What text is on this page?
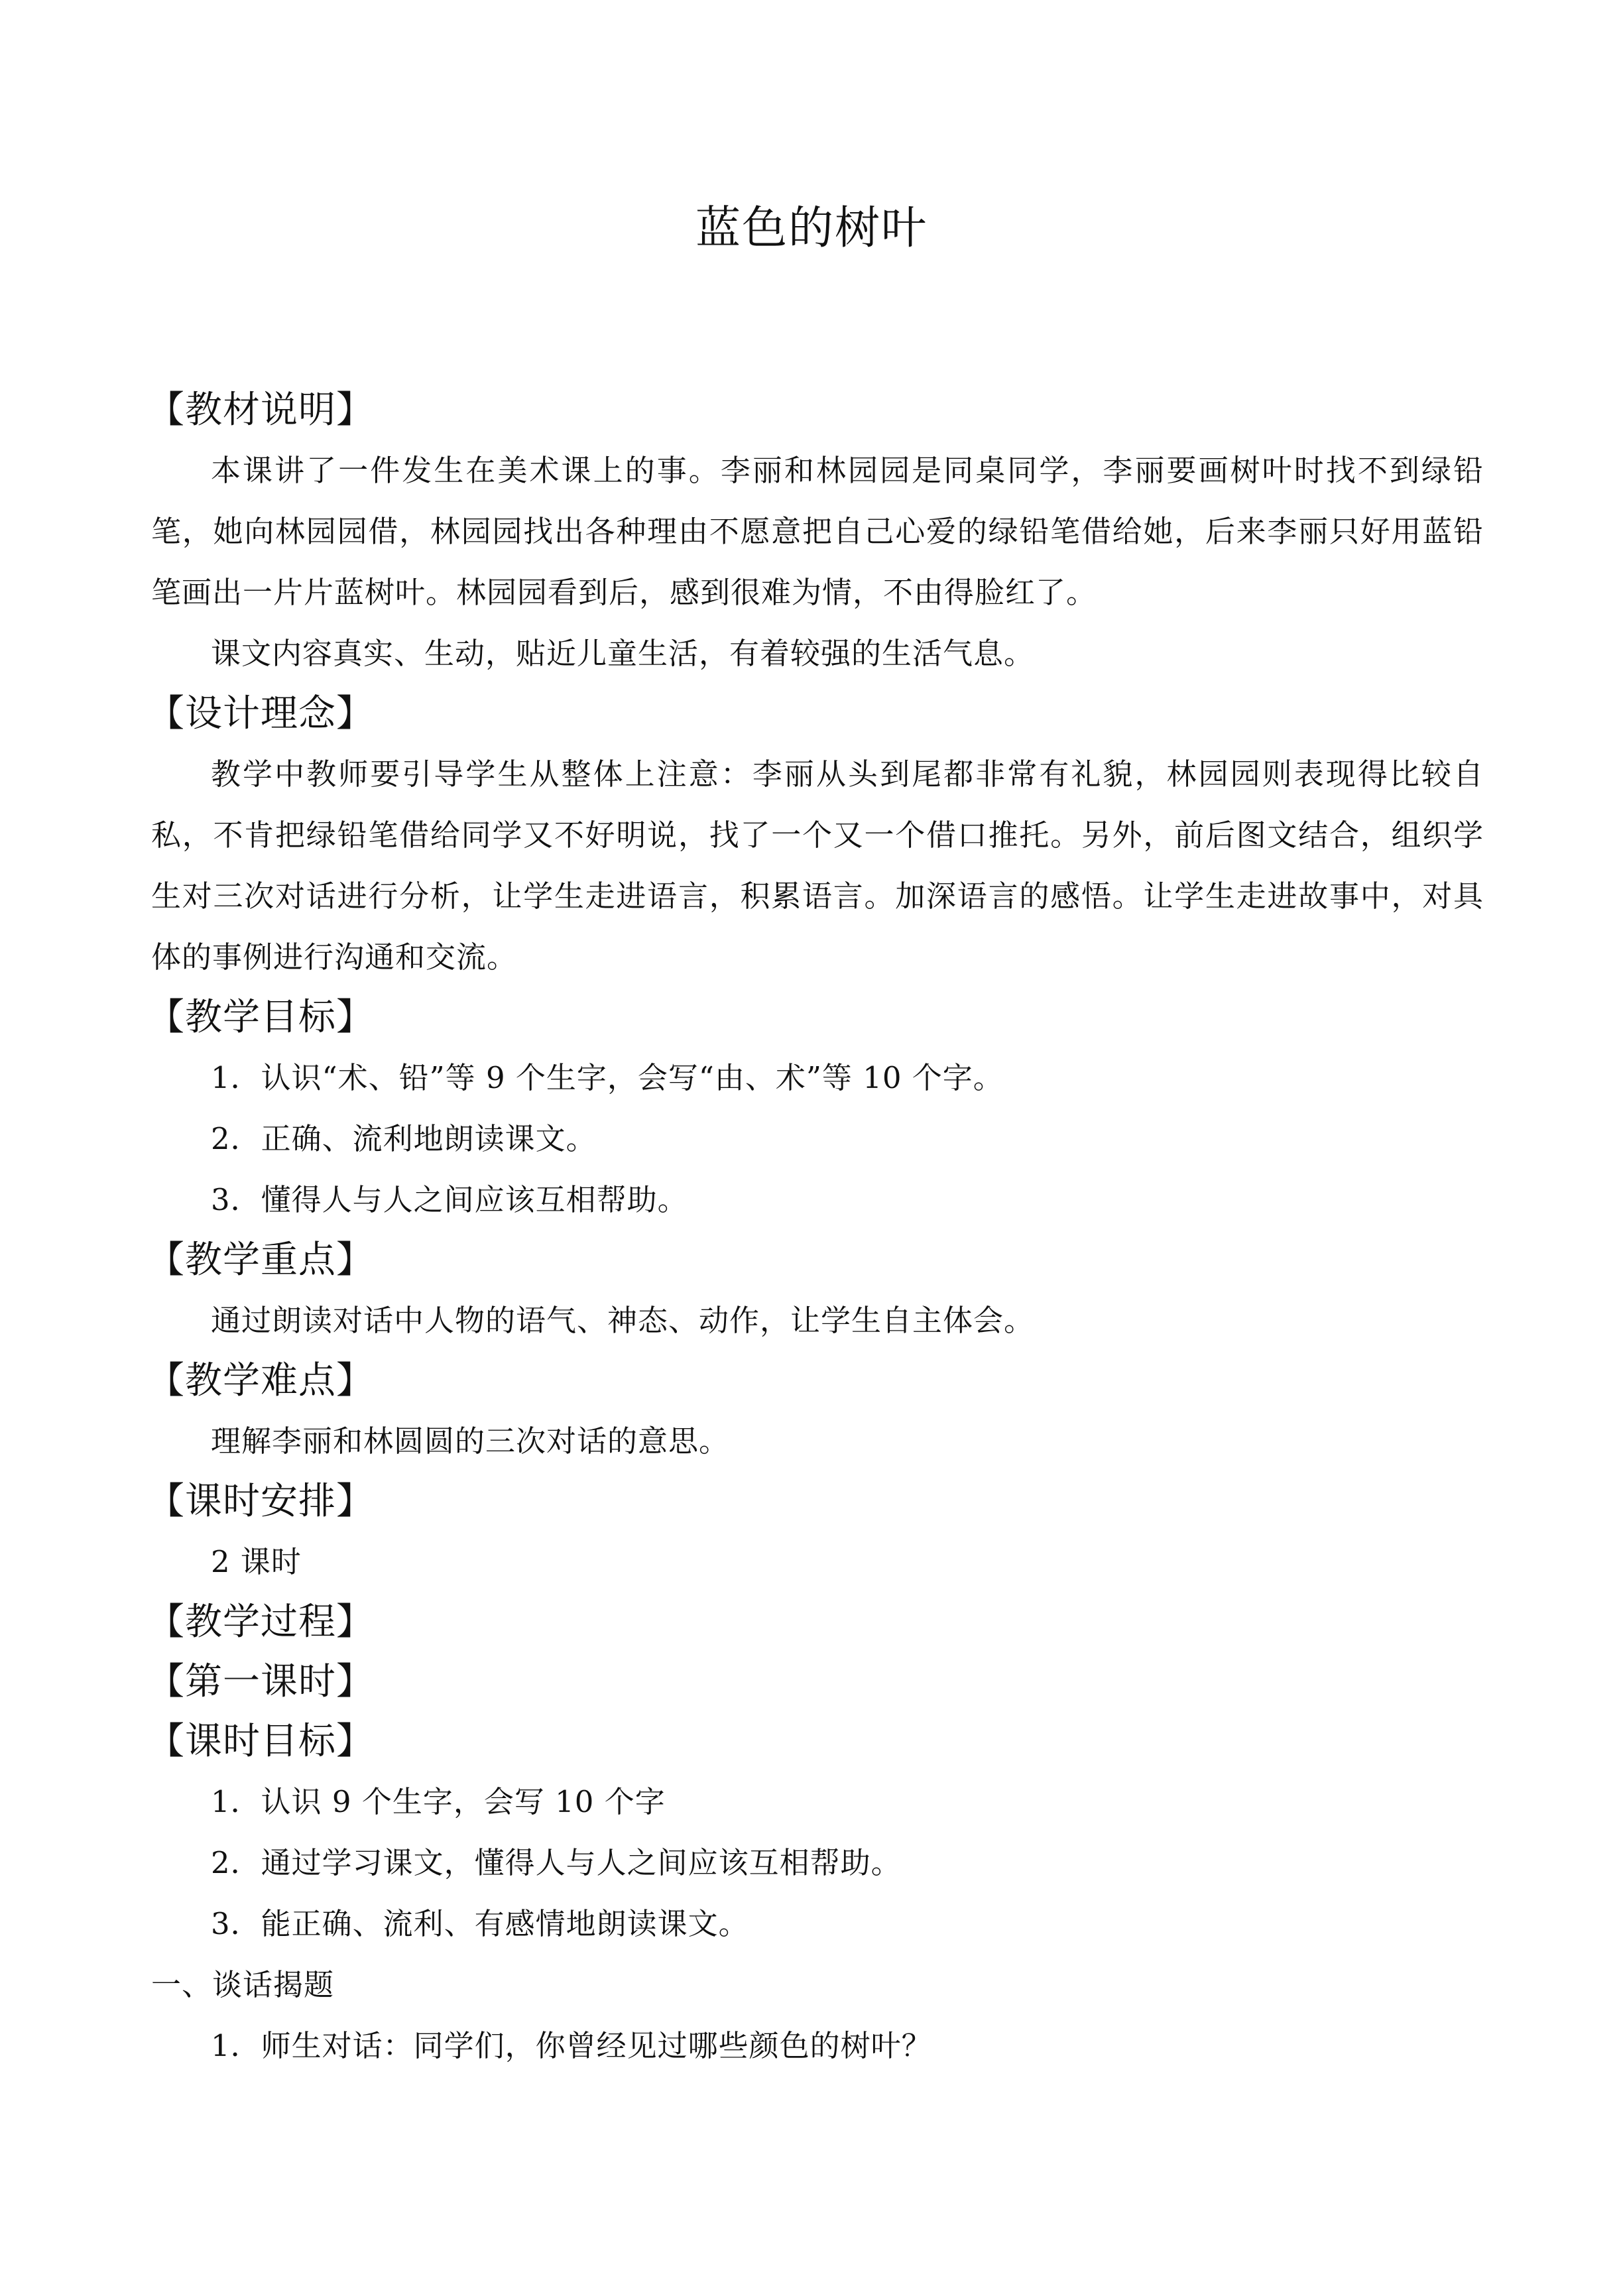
蓝色的树叶
【教材说明】
本课讲了一件发生在美术课上的事。李丽和林园园是同桌同学，李丽要画树叶时找不到绿铅笔，她向林园园借，林园园找出各种理由不愿意把自己心爱的绿铅笔借给她，后来李丽只好用蓝铅笔画出一片片蓝树叶。林园园看到后，感到很难为情，不由得脸红了。
课文内容真实、生动，贴近儿童生活，有着较强的生活气息。
【设计理念】
教学中教师要引导学生从整体上注意：李丽从头到尾都非常有礼貌，林园园则表现得比较自私，不肯把绿铅笔借给同学又不好明说，找了一个又一个借口推托。另外，前后图文结合，组织学生对三次对话进行分析，让学生走进语言，积累语言。加深语言的感悟。让学生走进故事中，对具体的事例进行沟通和交流。
【教学目标】
1．认识“术、铅”等 9 个生字，会写“由、术”等 10 个字。
2．正确、流利地朗读课文。
3．懂得人与人之间应该互相帮助。
【教学重点】
通过朗读对话中人物的语气、神态、动作，让学生自主体会。
【教学难点】
理解李丽和林圆圆的三次对话的意思。
【课时安排】
2 课时
【教学过程】
【第一课时】
【课时目标】
1．认识 9 个生字，会写 10 个字
2．通过学习课文，懂得人与人之间应该互相帮助。
3．能正确、流利、有感情地朗读课文。
一、谈话揭题
1．师生对话：同学们，你曾经见过哪些颜色的树叶？
